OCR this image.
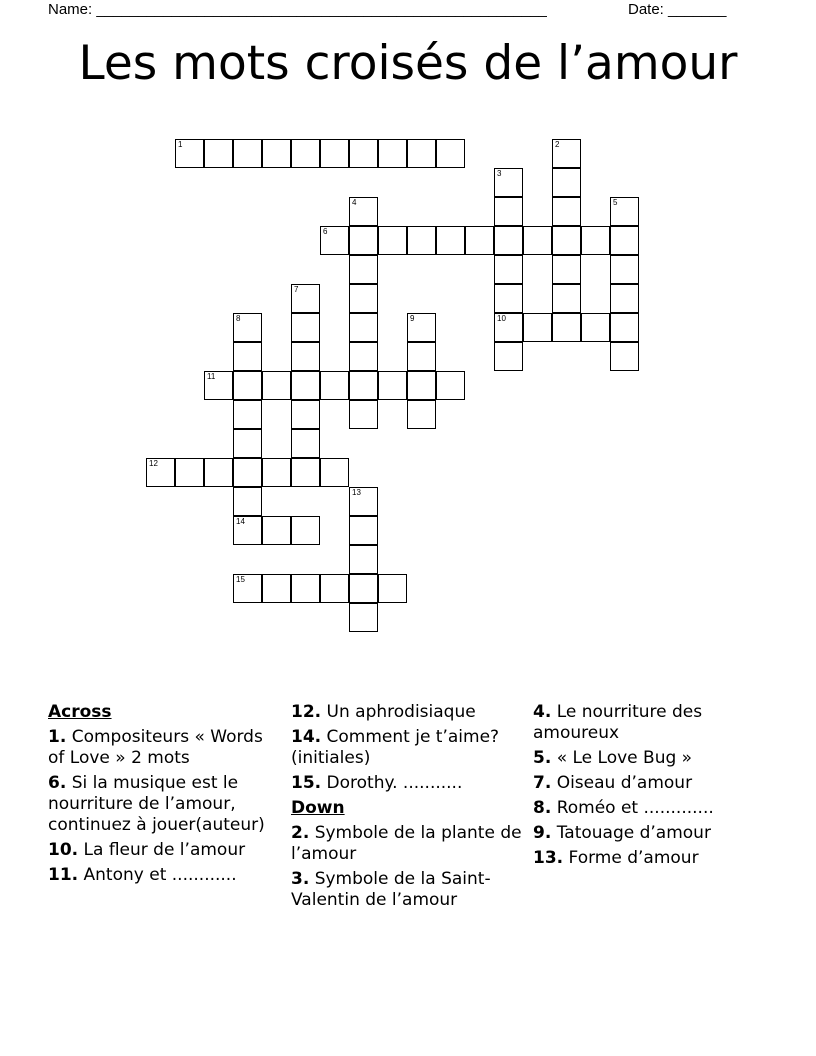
Name: ______________________________________________________	Date: _______
Les mots croisés de l’amour
1
6
10
11
12
14
15
2
3
4	5
7
8	9
13
Across
1. Compositeurs « Words of Love » 2 mots
6. Si la musique est le nourriture de l’amour, continuez à jouer(auteur)
10. La fleur de l’amour
11. Antony et ............
12. Un aphrodisiaque
14. Comment je t’aime?(initiales)
15. Dorothy. ...........
Down
2. Symbole de la plante de l’amour
3. Symbole de la Saint-Valentin de l’amour
4. Le nourriture des amoureux
5. « Le Love Bug »
7. Oiseau d’amour
8. Roméo et .............
9. Tatouage d’amour
13. Forme d’amour
